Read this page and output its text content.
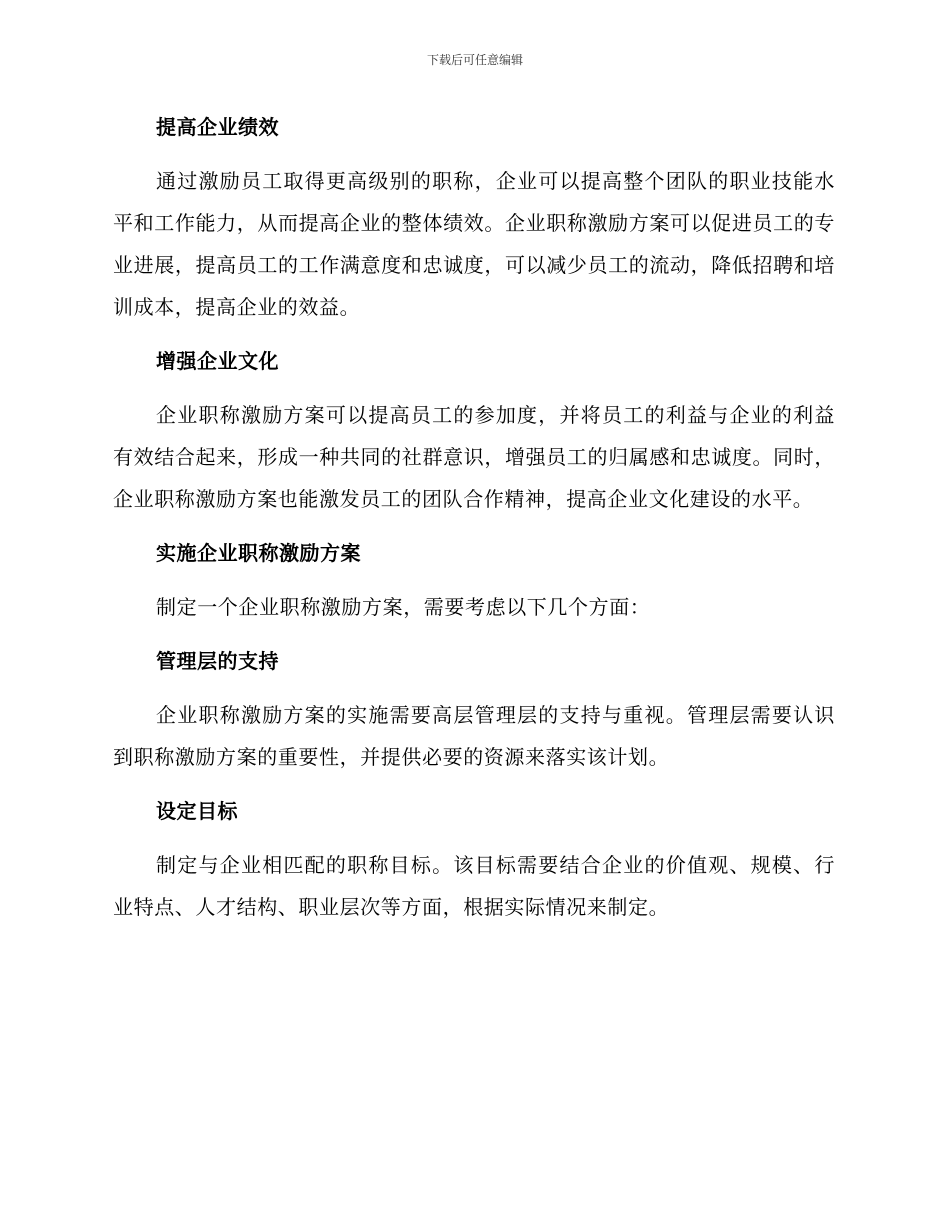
下载后可任意编辑
提高企业绩效

通过激励员工取得更高级别的职称，企业可以提高整个团队的职业技能水平和工作能力，从而提高企业的整体绩效。企业职称激励方案可以促进员工的专业进展，提高员工的工作满意度和忠诚度，可以减少员工的流动，降低招聘和培训成本，提高企业的效益。

增强企业文化

企业职称激励方案可以提高员工的参加度，并将员工的利益与企业的利益有效结合起来，形成一种共同的社群意识，增强员工的归属感和忠诚度。同时，企业职称激励方案也能激发员工的团队合作精神，提高企业文化建设的水平。

实施企业职称激励方案

制定一个企业职称激励方案，需要考虑以下几个方面：

管理层的支持

企业职称激励方案的实施需要高层管理层的支持与重视。管理层需要认识到职称激励方案的重要性，并提供必要的资源来落实该计划。

设定目标

制定与企业相匹配的职称目标。该目标需要结合企业的价值观、规模、行业特点、人才结构、职业层次等方面，根据实际情况来制定。
